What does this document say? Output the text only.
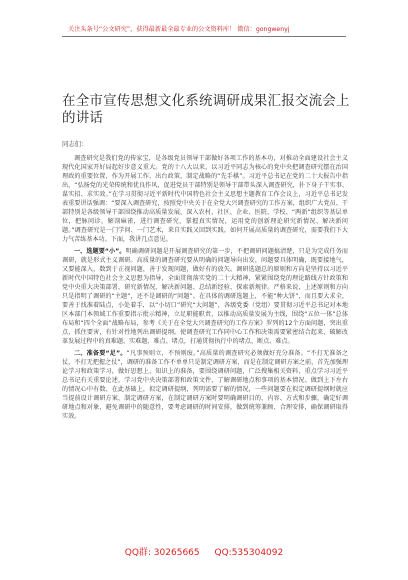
关注头条号“公文研究”，获得最新最全最专业的公文资料库！ 微信：gongwenyj
在全市宣传思想文化系统调研成果汇报交流会上的讲话
同志们：

调查研究是我们党的传家宝，是各级党员领导干部做好各项工作的基本功，对推动全面建设社会主义现代化国家开好局起好步意义重大。党的十八大以来，以习近平同志为核心的党中央把调查研究摆在治国理政的重要位置，作为开展工作、出台政策、制定战略的“先手棋”。习近平总书记在党的二十大报告中指出，“弘扬党的光荣传统和优良作风，促进党员干部特别是领导干部带头深入调查研究，扑下身子干实事、谋实招、求实效。”在学习贯彻习近平新时代中国特色社会主义思想主题教育工作会议上，习近平总书记发表重要讲话强调：“要深入调查研究，按照党中央关于在全党大兴调查研究的工作方案，组织广大党员、干部特别是各级领导干部围绕推动高质量发展，深入农村、社区、企业、医院、学校、“两新”组织等基层单位，把脉问诊，解剖麻雀，进行调查研究，掌握真实情况，运用党的创新理论研究新情况、解决新问题。”调查研究是一门学问、一门艺术，来自实践又回到实践。如何开展高质量的调查研究，需要我们下大力气苦练基本功。下面，我讲几点意见。

一、选题要“小”。明确调研问题是开展调查研究的第一步，不把调研问题搞清楚，只是为完成任务而调研，就是形式主义调研。高质量的调查研究要从明确的问题导向出发，问题要具体明确，既要接地气，又要能深入，数到于正视问题，善于发现问题，做好有的放矢。调研选题总的原则和方向是坚持以习近平新时代中国特色社会主义思想为指导，全面贯彻落实党的二十大精神，紧紧围绕党的理论路线方针政策和党中央重大决策部署，研究新情况、解决新问题、总结新经验、探索新规律。严格来说，上述原则和方向只是指明了调研的“主题”，还不是调研的“问题”。在具体的调研选题上，不能“种大饼”，而且要大求全，要善于找准着陆点，小处着手，以“小切口”研究“大问题”，各级党委（党组）要贯彻习近平总书记对本地区本部门本领域工作重要指示批示精神，立足职能职责，以推动高质量发展为主线，围绕“五位一体”总体布局和“四个全面”战略布局，参考《关于在全党大兴调查研究的工作方案》罗列的12个方面问题，突出重点，抓住要害，有针对性地列出调研提纲。使调查研究工作同中心工作和决策需要紧密结合起来，破解改革发展过程中的真难题、实难题、难点、堵点，打通贯彻执行中的堵点、断点、难点。

二、准备要“足”。“凡事预则立，不预则废。”高质量的调查研究必须做好充分准备。“不打无准备之仗，不打无把握之仗”，调研的准备工作不单单只是制定调研方案，而是在制定调研方案之前，首先加强理论学习和政策学习，做好思想上、知识上的准备，要围绕调研问题，广泛搜集相关资料，重点学习习近平总书记有关重要论述，学习党中央决策部署和政策文件，了解调研地点和事项的基本情况、做到上下左右的情况心中有数、在此基础上，拟定调研提纲，列明需要了解的情况，一些问题要在拟定调研提纲时就应当提前设计调研方案，制定调研方案，在制定调研方案时要明确调研目的、内容、方式和步骤，确定好调研地点和对象，避免调研中的随意性，要考虑调研的时间安排，做到统筹兼顾、合理安排，确保调研取得实效。

QQ群: 30265665 QQ:535304092
